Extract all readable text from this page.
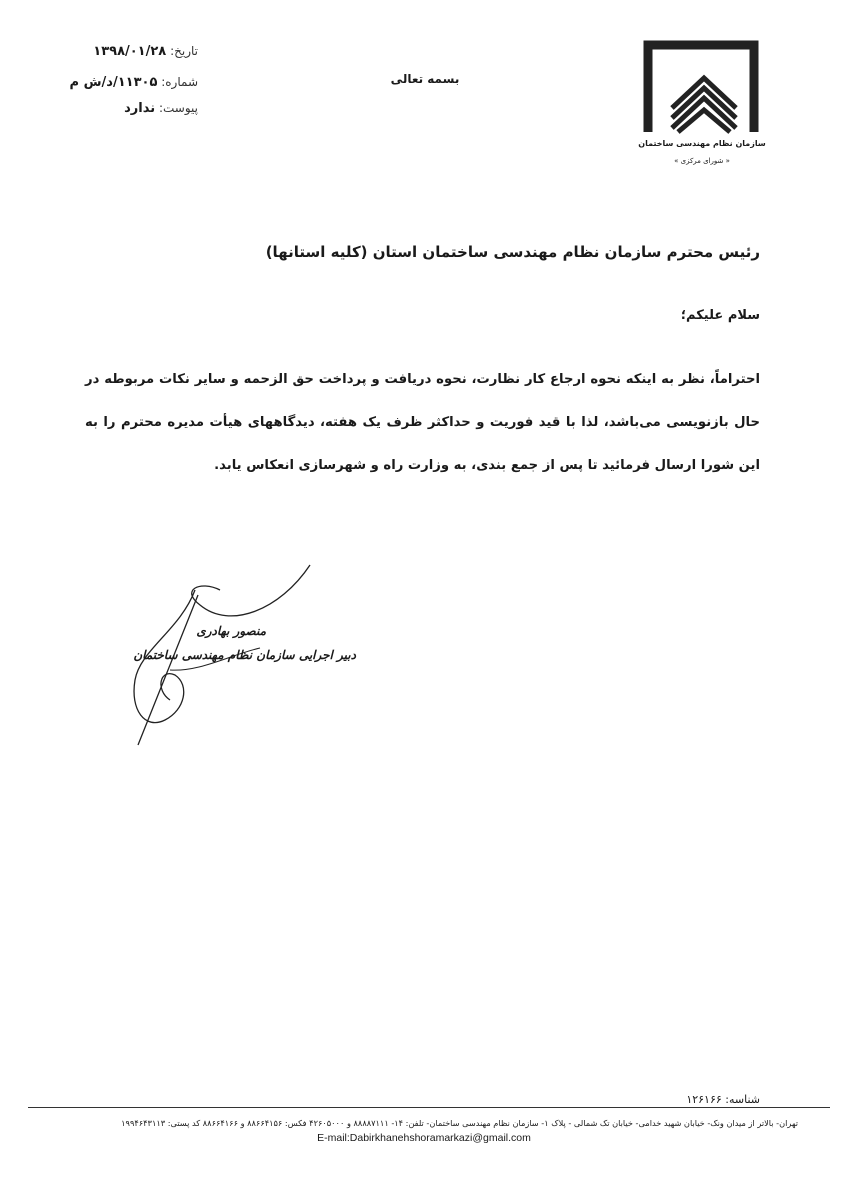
سازمان نظام مهندسی ساختمان
« شورای مرکزی »
بسمه تعالی
تاریخ: ۱۳۹۸/۰۱/۲۸
شماره: ۱۱۳۰۵/د/ش م
پیوست: ندارد
رئیس محترم سازمان نظام مهندسی ساختمان استان (کلیه استانها)
سلام علیکم؛
احتراماً، نظر به اینکه نحوه ارجاع کار نظارت، نحوه دریافت و پرداخت حق الزحمه و سایر نکات مربوطه در حال بازنویسی می‌باشد، لذا با قید فوریت و حداکثر ظرف یک هفته، دیدگاههای هیأت مدیره محترم را به این شورا ارسال فرمائید تا پس از جمع بندی، به وزارت راه و شهرسازی انعکاس یابد.
منصور بهادری
دبیر اجرایی سازمان نظام مهندسی ساختمان
شناسه: ۱۲۶۱۶۶
تهران- بالاتر از میدان ونک- خیابان شهید خدامی- خیابان تک شمالی - پلاک ۱- سازمان نظام مهندسی ساختمان- تلفن: ۱۴- ۸۸۸۸۷۱۱۱ و ۴۲۶۰۵۰۰۰ فکس: ۸۸۶۶۴۱۵۶ و ۸۸۶۶۴۱۶۶ کد پستی: ۱۹۹۴۶۴۳۱۱۳
E-mail:Dabirkhanehshoramarkazi@gmail.com
